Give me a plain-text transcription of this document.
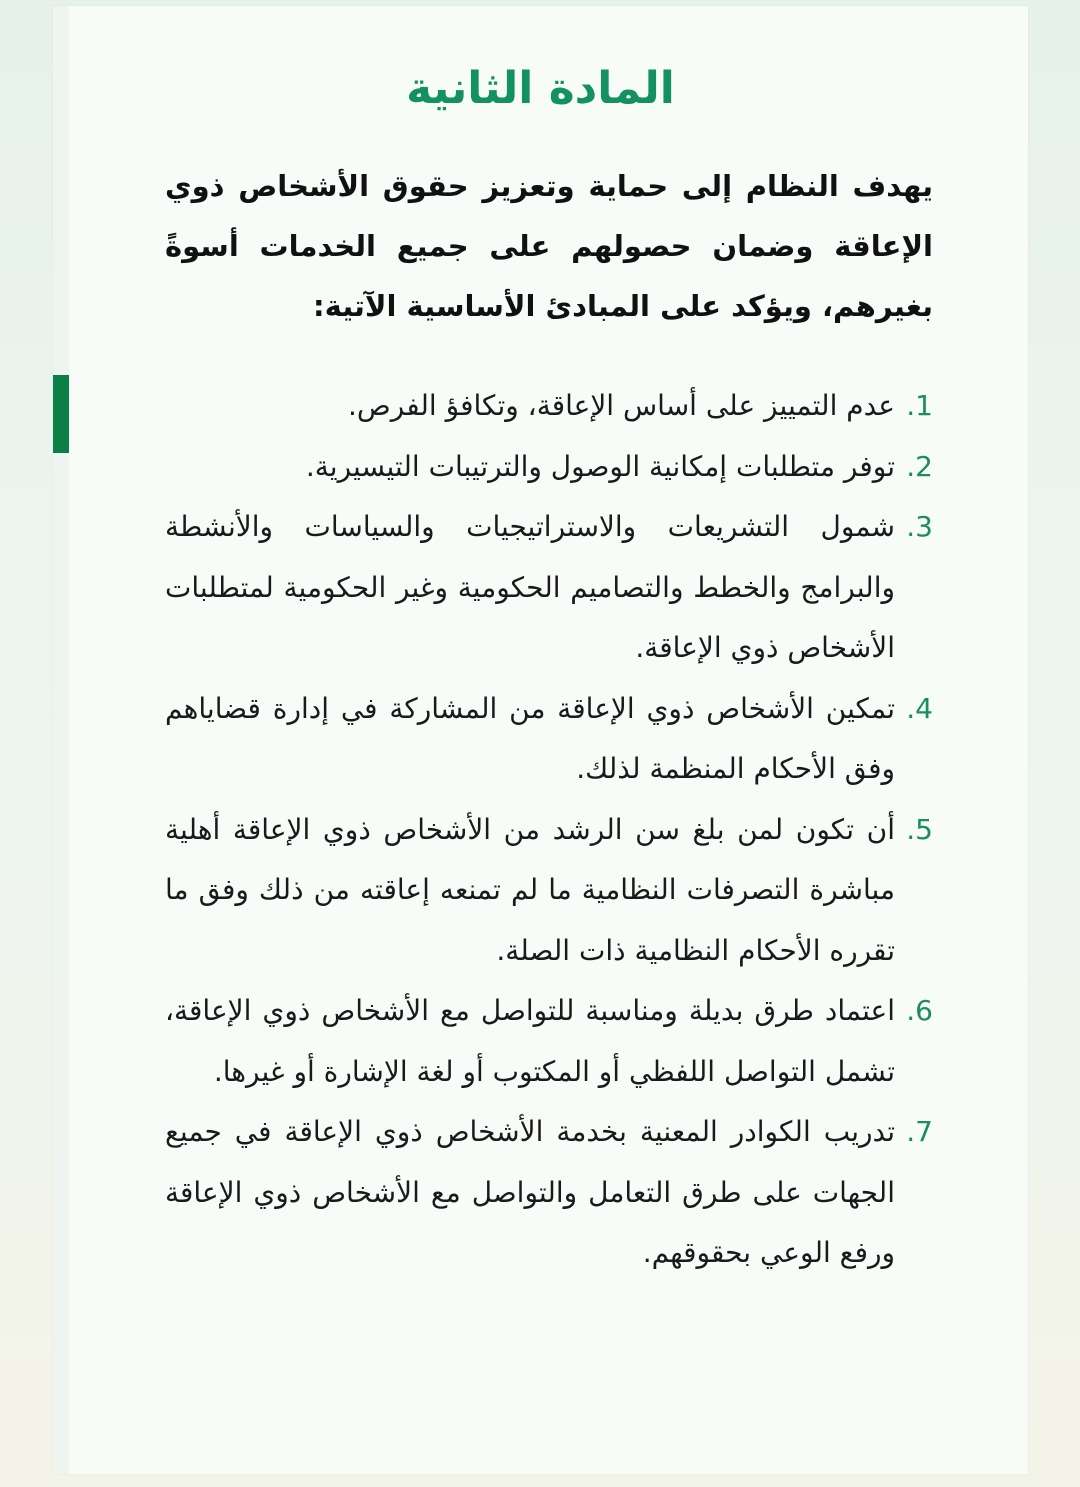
المادة الثانية

يهدف النظام إلى حماية وتعزيز حقوق الأشخاص ذوي الإعاقة وضمان حصولهم على جميع الخدمات أسوةً بغيرهم، ويؤكد على المبادئ الأساسية الآتية:

1.
عدم التمييز على أساس الإعاقة، وتكافؤ الفرص.
2.
توفر متطلبات إمكانية الوصول والترتيبات التيسيرية.
3.
شمول التشريعات والاستراتيجيات والسياسات والأنشطة والبرامج والخطط والتصاميم الحكومية وغير الحكومية لمتطلبات الأشخاص ذوي الإعاقة.
4.
تمكين الأشخاص ذوي الإعاقة من المشاركة في إدارة قضاياهم وفق الأحكام المنظمة لذلك.
5.
أن تكون لمن بلغ سن الرشد من الأشخاص ذوي الإعاقة أهلية مباشرة التصرفات النظامية ما لم تمنعه إعاقته من ذلك وفق ما تقرره الأحكام النظامية ذات الصلة.
6.
اعتماد طرق بديلة ومناسبة للتواصل مع الأشخاص ذوي الإعاقة، تشمل التواصل اللفظي أو المكتوب أو لغة الإشارة أو غيرها.
7.
تدريب الكوادر المعنية بخدمة الأشخاص ذوي الإعاقة في جميع الجهات على طرق التعامل والتواصل مع الأشخاص ذوي الإعاقة ورفع الوعي بحقوقهم.
